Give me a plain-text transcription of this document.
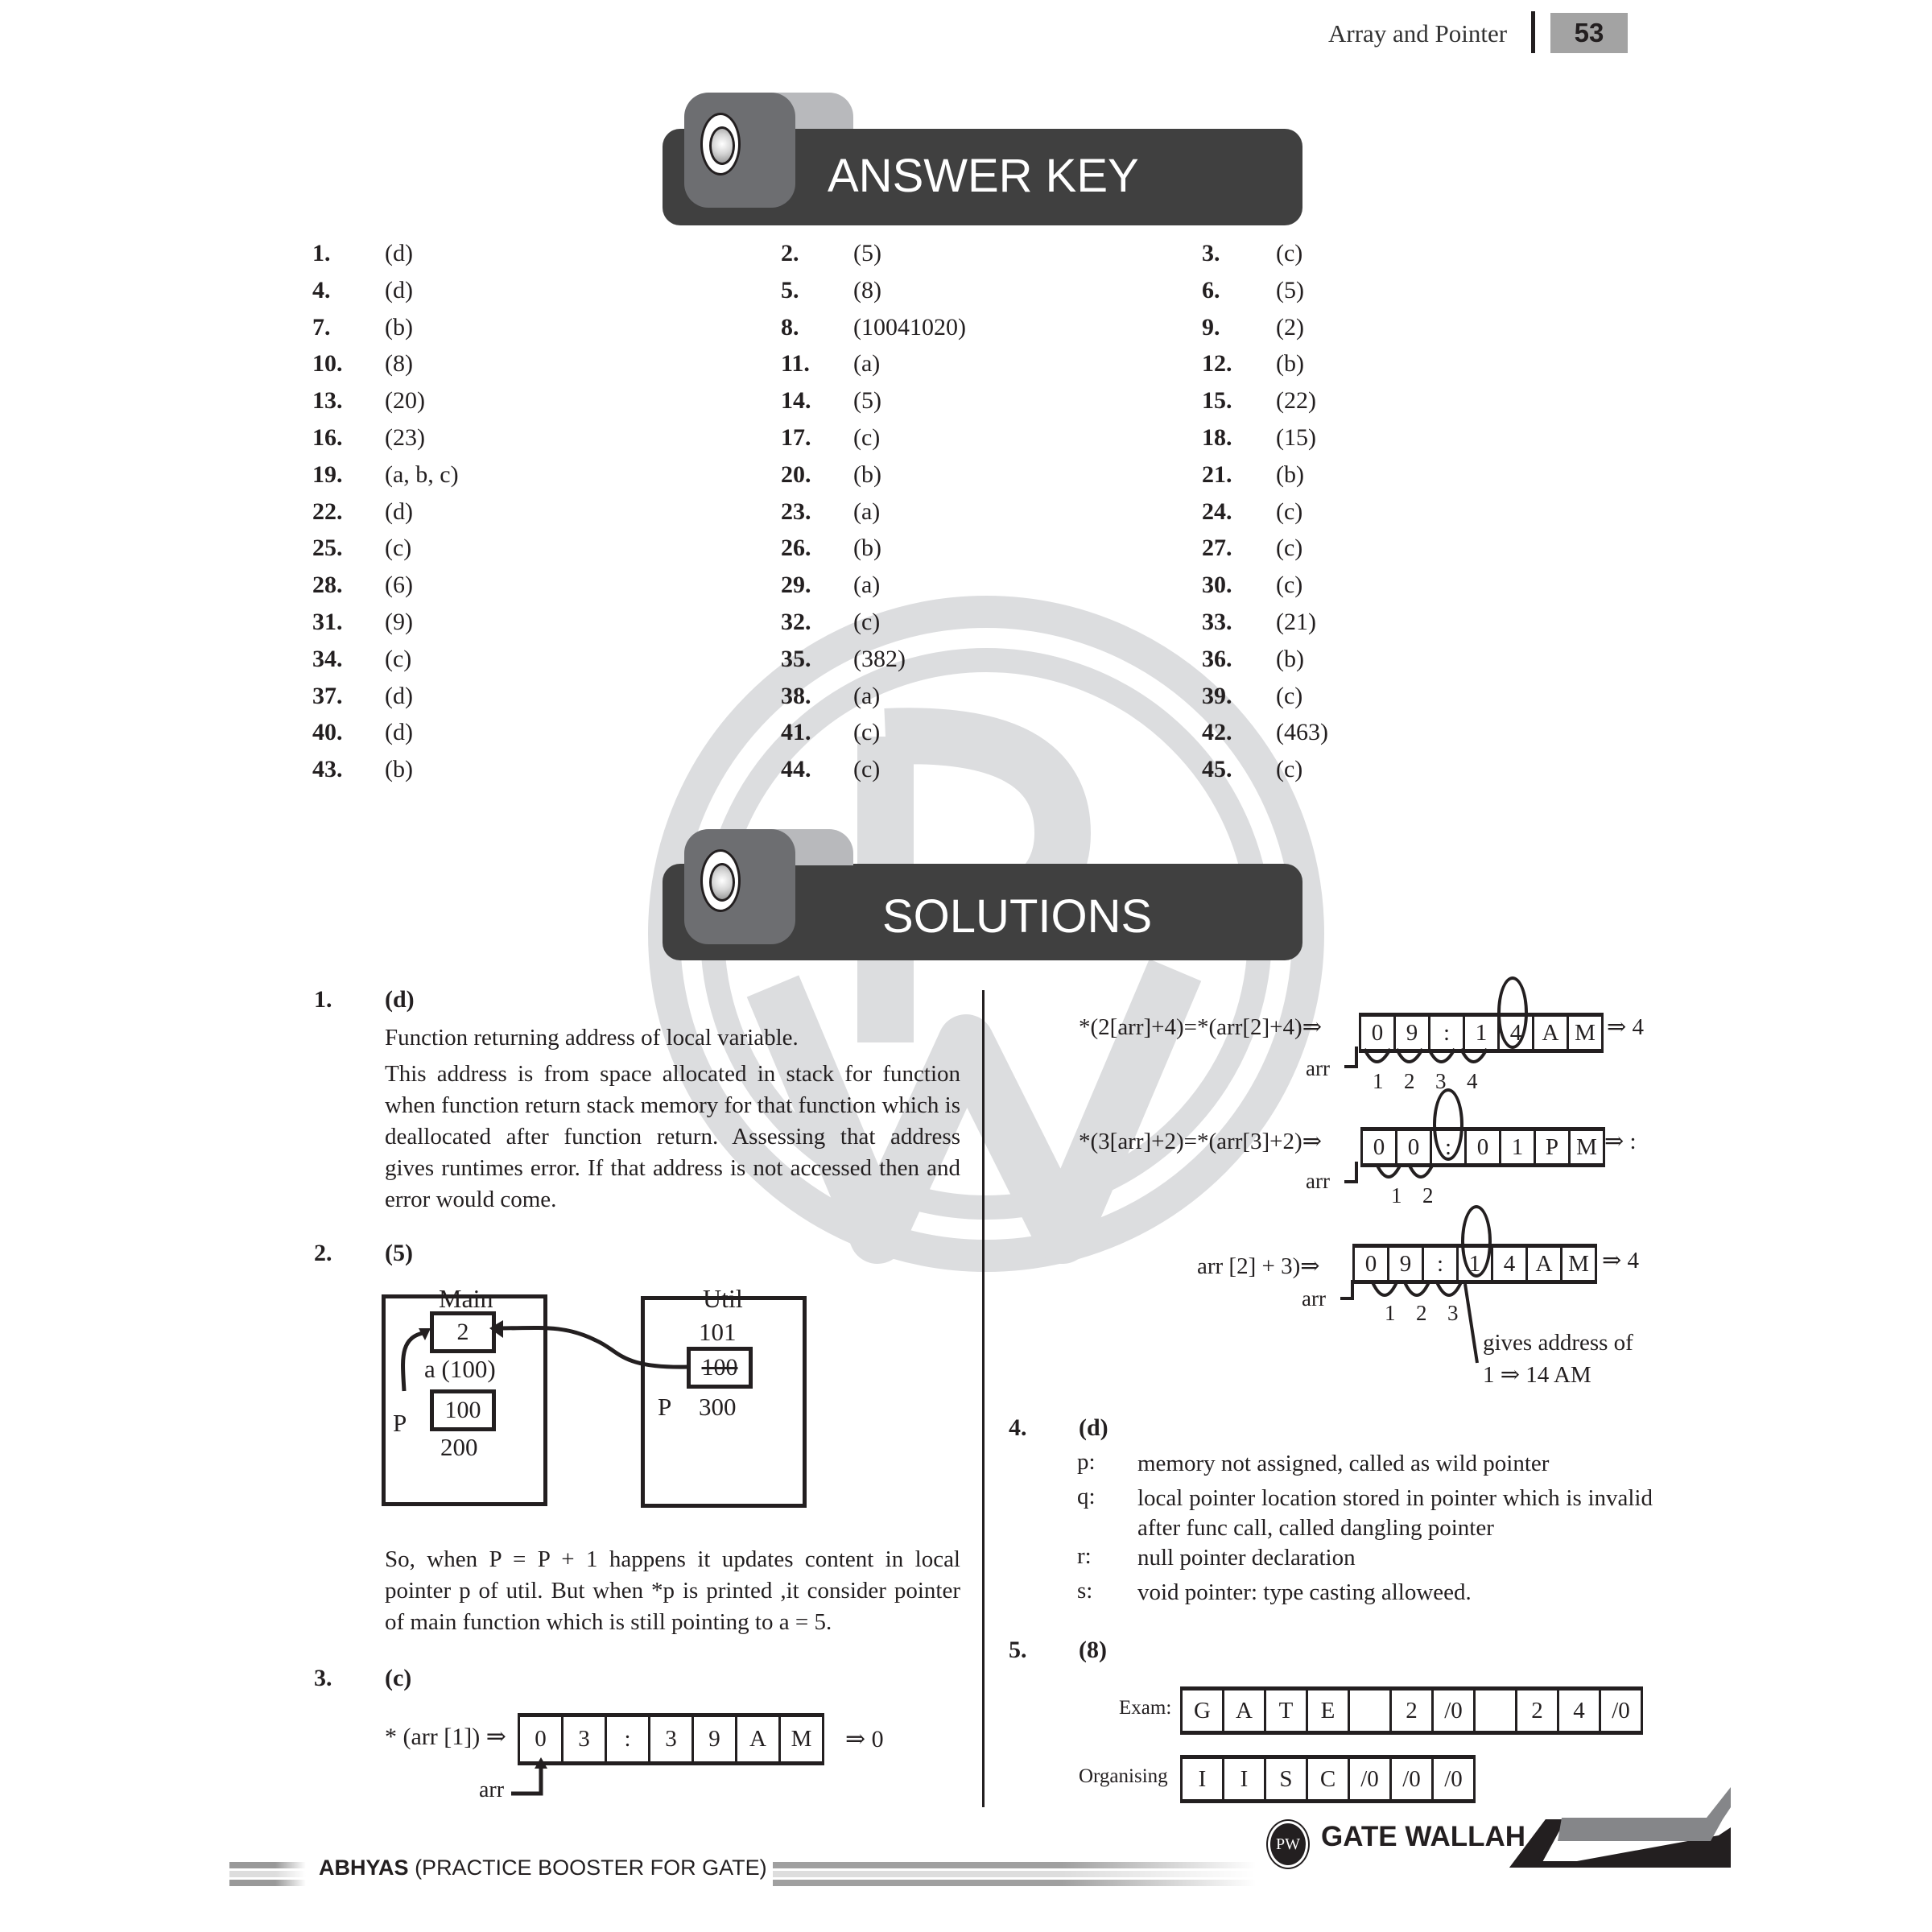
Array and Pointer	53
ANSWER KEY
1. (d)	2. (5)	3. (c)
4. (d)	5. (8)	6. (5)
7. (b)	8. (10041020)	9. (2)
10. (8)	11. (a)	12. (b)
13. (20)	14. (5)	15. (22)
16. (23)	17. (c)	18. (15)
19. (a, b, c)	20. (b)	21. (b)
22. (d)	23. (a)	24. (c)
25. (c)	26. (b)	27. (c)
28. (6)	29. (a)	30. (c)
31. (9)	32. (c)	33. (21)
34. (c)	35. (382)	36. (b)
37. (d)	38. (a)	39. (c)
40. (d)	41. (c)	42. (463)
43. (b)	44. (c)	45. (c)
SOLUTIONS
1. (d)
Function returning address of local variable.
This address is from space allocated in stack for function when function return stack memory for that function which is deallocated after function return. Assessing that address gives runtimes error. If that address is not accessed then and error would come.
2. (5)
Main	Util
2
a (100)
100
P
200
101
100
P 300
So, when P = P + 1 happens it updates content in local pointer p of util. But when *p is printed ,it consider pointer of main function which is still pointing to a = 5.
3. (c)
* (arr [1]) ⇒	0	3	:	3	9	A	M	⇒ 0
arr
*(2[arr]+4)=*(arr[2]+4)⇒	0 9	:	1 4 A M ⇒ 4
arr
1 2 3 4
*(3[arr]+2)=*(arr[3]+2)⇒	0 0	:	0 1 P M ⇒ :
arr
1 2
arr [2] + 3)⇒	0 9	:	1 4 A M ⇒ 4
arr
1 2 3
gives address of
1 ⇒ 14 AM
4. (d)
p: memory not assigned, called as wild pointer
q: local pointer location stored in pointer which is invalid after func call, called dangling pointer
r: null pointer declaration
s: void pointer: type casting alloweed.
5. (8)
Exam: G	A	T	E	2	/0	2	4	/0
Organising	I	I	S	C	/0	/0	/0
ABHYAS (PRACTICE BOOSTER FOR GATE)
PW GATE WALLAH
